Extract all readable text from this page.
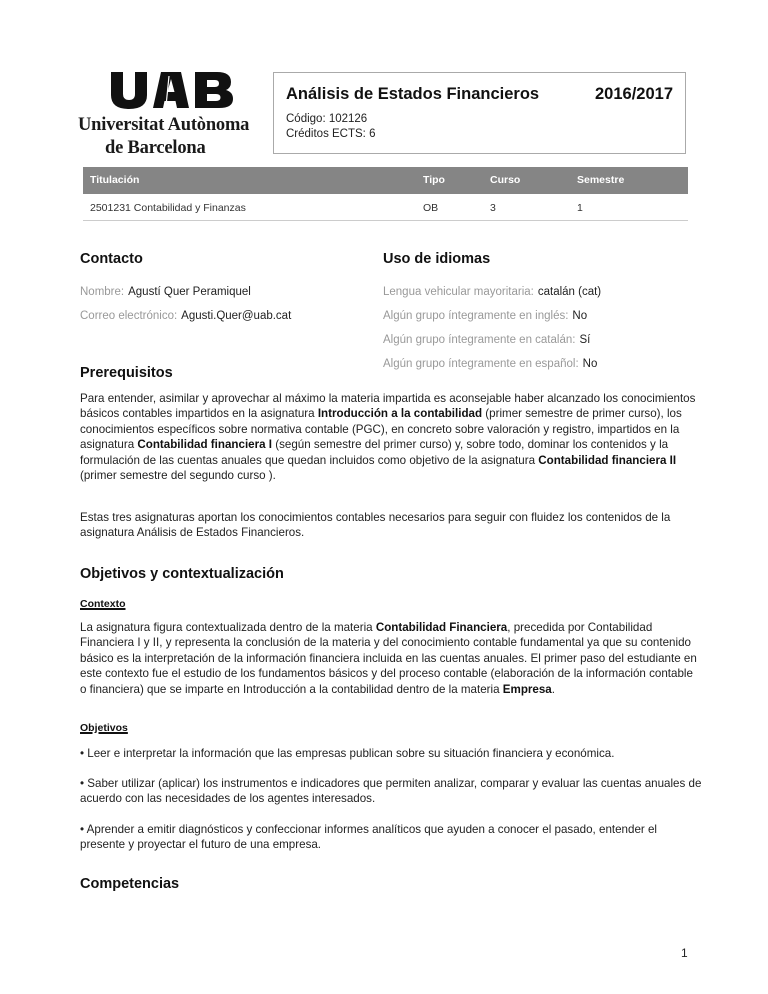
Universitat Autònoma
de Barcelona
Análisis de Estados Financieros	2016/2017
Código: 102126
Créditos ECTS: 6
Titulación	Tipo	Curso	Semestre
2501231 Contabilidad y Finanzas	OB	3	1
Contacto
Nombre: Agustí Quer Peramiquel
Correo electrónico: Agusti.Quer@uab.cat
Uso de idiomas
Lengua vehicular mayoritaria: catalán (cat)
Algún grupo íntegramente en inglés: No
Algún grupo íntegramente en catalán: Sí
Algún grupo íntegramente en español: No
Prerequisitos
Para entender, asimilar y aprovechar al máximo la materia impartida es aconsejable haber alcanzado los conocimientos básicos contables impartidos en la asignatura Introducción a la contabilidad (primer semestre de primer curso), los conocimientos específicos sobre normativa contable (PGC), en concreto sobre valoración y registro, impartidos en la asignatura Contabilidad financiera I (según semestre del primer curso) y, sobre todo, dominar los contenidos y la formulación de las cuentas anuales que quedan incluidos como objetivo de la asignatura Contabilidad financiera II (primer semestre del segundo curso ).
Estas tres asignaturas aportan los conocimientos contables necesarios para seguir con fluidez los contenidos de la asignatura Análisis de Estados Financieros.
Objetivos y contextualización
Contexto
La asignatura figura contextualizada dentro de la materia Contabilidad Financiera, precedida por Contabilidad Financiera I y II, y representa la conclusión de la materia y del conocimiento contable fundamental ya que su contenido básico es la interpretación de la información financiera incluida en las cuentas anuales. El primer paso del estudiante en este contexto fue el estudio de los fundamentos básicos y del proceso contable (elaboración de la información contable o financiera) que se imparte en Introducción a la contabilidad dentro de la materia Empresa.
Objetivos
• Leer e interpretar la información que las empresas publican sobre su situación financiera y económica.
• Saber utilizar (aplicar) los instrumentos e indicadores que permiten analizar, comparar y evaluar las cuentas anuales de acuerdo con las necesidades de los agentes interesados.
• Aprender a emitir diagnósticos y confeccionar informes analíticos que ayuden a conocer el pasado, entender el presente y proyectar el futuro de una empresa.
Competencias
1
